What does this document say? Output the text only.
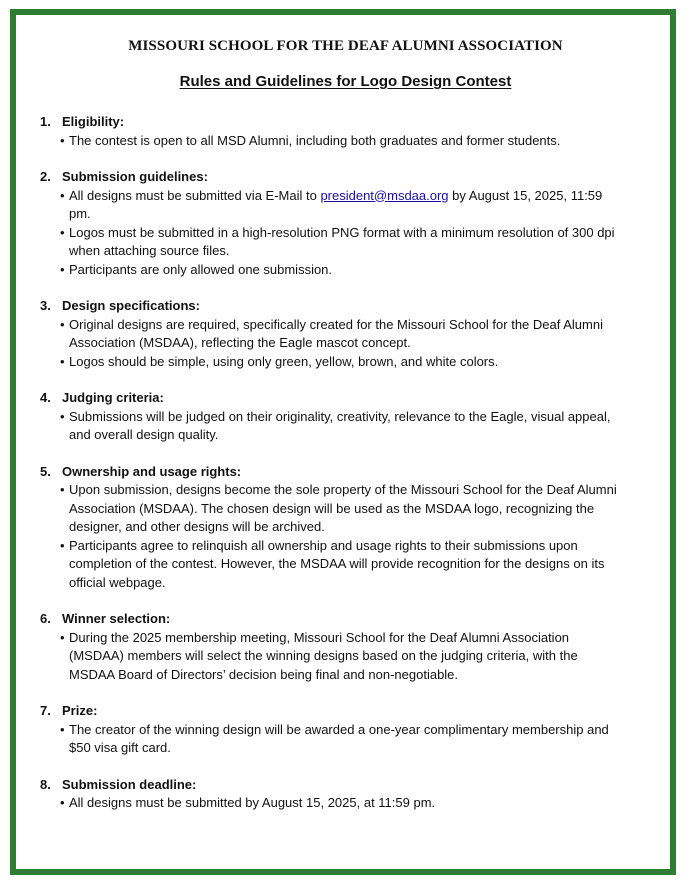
MISSOURI SCHOOL FOR THE DEAF ALUMNI ASSOCIATION
Rules and Guidelines for Logo Design Contest
1. Eligibility:
• The contest is open to all MSD Alumni, including both graduates and former students.
2. Submission guidelines:
• All designs must be submitted via E-Mail to president@msdaa.org by August 15, 2025, 11:59 pm.
• Logos must be submitted in a high-resolution PNG format with a minimum resolution of 300 dpi when attaching source files.
• Participants are only allowed one submission.
3. Design specifications:
• Original designs are required, specifically created for the Missouri School for the Deaf Alumni Association (MSDAA), reflecting the Eagle mascot concept.
• Logos should be simple, using only green, yellow, brown, and white colors.
4. Judging criteria:
• Submissions will be judged on their originality, creativity, relevance to the Eagle, visual appeal, and overall design quality.
5. Ownership and usage rights:
• Upon submission, designs become the sole property of the Missouri School for the Deaf Alumni Association (MSDAA). The chosen design will be used as the MSDAA logo, recognizing the designer, and other designs will be archived.
• Participants agree to relinquish all ownership and usage rights to their submissions upon completion of the contest. However, the MSDAA will provide recognition for the designs on its official webpage.
6. Winner selection:
• During the 2025 membership meeting, Missouri School for the Deaf Alumni Association (MSDAA) members will select the winning designs based on the judging criteria, with the MSDAA Board of Directors’ decision being final and non-negotiable.
7. Prize:
• The creator of the winning design will be awarded a one-year complimentary membership and $50 visa gift card.
8. Submission deadline:
• All designs must be submitted by August 15, 2025, at 11:59 pm.
